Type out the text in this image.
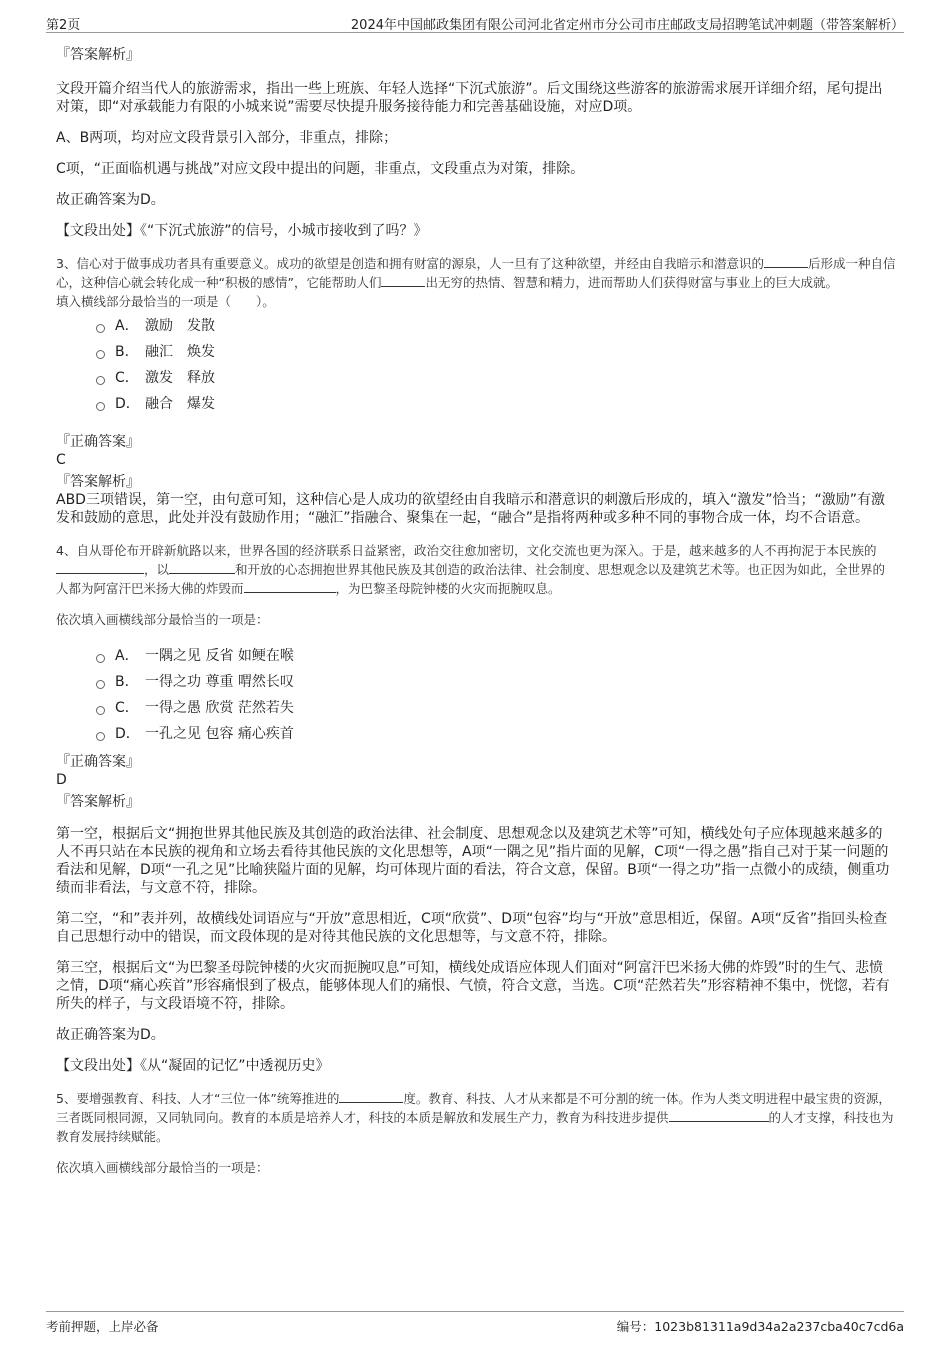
第2页	2024年中国邮政集团有限公司河北省定州市分公司市庄邮政支局招聘笔试冲刺题（带答案解析）

『答案解析』

文段开篇介绍当代人的旅游需求，指出一些上班族、年轻人选择“下沉式旅游”。后文围绕这些游客的旅游需求展开详细介绍，尾句提出对策，即“对承载能力有限的小城来说”需要尽快提升服务接待能力和完善基础设施，对应D项。

A、B两项，均对应文段背景引入部分，非重点，排除；

C项，“正面临机遇与挑战”对应文段中提出的问题，非重点，文段重点为对策，排除。

故正确答案为D。

【文段出处】《“下沉式旅游”的信号，小城市接收到了吗？》

3、信心对于做事成功者具有重要意义。成功的欲望是创造和拥有财富的源泉，人一旦有了这种欲望，并经由自我暗示和潜意识的	后形成一种自信心，这种信心就会转化成一种“积极的感情”，它能帮助人们	出无穷的热情、智慧和精力，进而帮助人们获得财富与事业上的巨大成就。

填入横线部分最恰当的一项是（　　）。

A． 激励　发散
B． 融汇　焕发
C． 激发　释放
D． 融合　爆发

『正确答案』

C

『答案解析』

ABD三项错误，第一空，由句意可知，这种信心是人成功的欲望经由自我暗示和潜意识的刺激后形成的，填入“激发”恰当；“激励”有激发和鼓励的意思，此处并没有鼓励作用；“融汇”指融合、聚集在一起，“融合”是指将两种或多种不同的事物合成一体，均不合语意。

4、自从哥伦布开辟新航路以来，世界各国的经济联系日益紧密，政治交往愈加密切，文化交流也更为深入。于是，越来越多的人不再拘泥于本民族的，以	和开放的心态拥抱世界其他民族及其创造的政治法律、社会制度、思想观念以及建筑艺术等。也正因为如此，全世界的人都为阿富汗巴米扬大佛的炸毁而	，为巴黎圣母院钟楼的火灾而扼腕叹息。

依次填入画横线部分最恰当的一项是：

A． 一隅之见 反省 如鲠在喉
B． 一得之功 尊重 喟然长叹
C． 一得之愚 欣赏 茫然若失
D． 一孔之见 包容 痛心疾首

『正确答案』

D

『答案解析』

第一空，根据后文“拥抱世界其他民族及其创造的政治法律、社会制度、思想观念以及建筑艺术等”可知，横线处句子应体现越来越多的人不再只站在本民族的视角和立场去看待其他民族的文化思想等，A项“一隅之见”指片面的见解，C项“一得之愚”指自己对于某一问题的看法和见解，D项“一孔之见”比喻狭隘片面的见解，均可体现片面的看法，符合文意，保留。B项“一得之功”指一点微小的成绩，侧重功绩而非看法，与文意不符，排除。

第二空，“和”表并列，故横线处词语应与“开放”意思相近，C项“欣赏”、D项“包容”均与“开放”意思相近，保留。A项“反省”指回头检查自己思想行动中的错误，而文段体现的是对待其他民族的文化思想等，与文意不符，排除。

第三空，根据后文“为巴黎圣母院钟楼的火灾而扼腕叹息”可知，横线处成语应体现人们面对“阿富汗巴米扬大佛的炸毁”时的生气、悲愤之情，D项“痛心疾首”形容痛恨到了极点，能够体现人们的痛恨、气愤，符合文意，当选。C项“茫然若失”形容精神不集中，恍惚，若有所失的样子，与文段语境不符，排除。

故正确答案为D。

【文段出处】《从“凝固的记忆”中透视历史》

5、要增强教育、科技、人才“三位一体”统筹推进的	度。教育、科技、人才从来都是不可分割的统一体。作为人类文明进程中最宝贵的资源，三者既同根同源，又同轨同向。教育的本质是培养人才，科技的本质是解放和发展生产力，教育为科技进步提供	的人才支撑，科技也为教育发展持续赋能。

依次填入画横线部分最恰当的一项是：

考前押题，上岸必备	编号：1023b81311a9d34a2a237cba40c7cd6a
